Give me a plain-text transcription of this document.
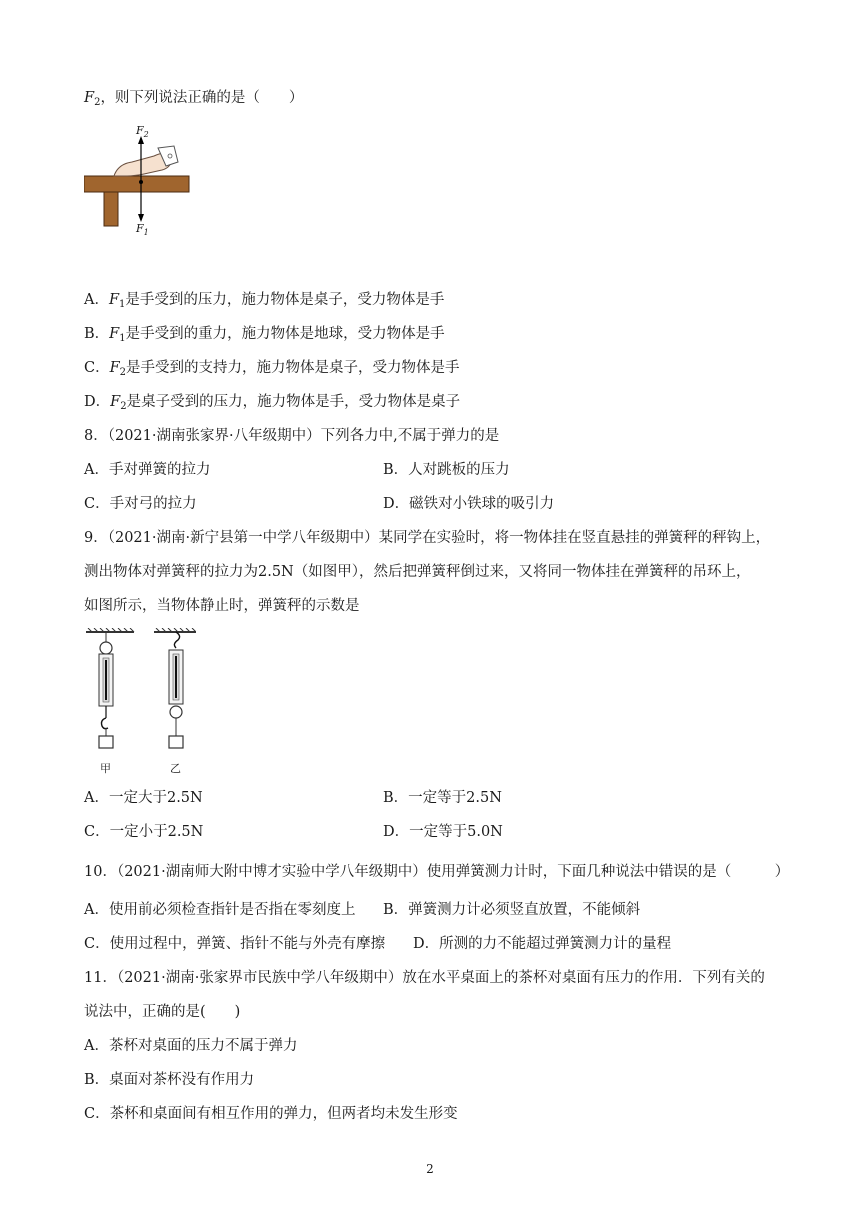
$F_2$，则下列说法正确的是（　　）
$F_2$
$F_1$
A．$F_1$是手受到的压力，施力物体是桌子，受力物体是手
B．$F_1$是手受到的重力，施力物体是地球，受力物体是手
C．$F_2$是手受到的支持力，施力物体是桌子，受力物体是手
D．$F_2$是桌子受到的压力，施力物体是手，受力物体是桌子
8．（2021·湖南张家界·八年级期中）下列各力中,不属于弹力的是
A．手对弹簧的拉力	B．人对跳板的压力
C．手对弓的拉力	D．磁铁对小铁球的吸引力
9．（2021·湖南·新宁县第一中学八年级期中）某同学在实验时，将一物体挂在竖直悬挂的弹簧秤的秤钩上，
测出物体对弹簧秤的拉力为2.5N（如图甲），然后把弹簧秤倒过来，又将同一物体挂在弹簧秤的吊环上，
如图所示，当物体静止时，弹簧秤的示数是
甲	乙
A．一定大于2.5N	B．一定等于2.5N
C．一定小于2.5N	D．一定等于5.0N
10．（2021·湖南师大附中博才实验中学八年级期中）使用弹簧测力计时，下面几种说法中错误的是（　　　）
A．使用前必须检查指针是否指在零刻度上 B．弹簧测力计必须竖直放置，不能倾斜
C．使用过程中，弹簧、指针不能与外壳有摩擦 D．所测的力不能超过弹簧测力计的量程
11．（2021·湖南·张家界市民族中学八年级期中）放在水平桌面上的茶杯对桌面有压力的作用．下列有关的
说法中，正确的是(　　)
A．茶杯对桌面的压力不属于弹力
B．桌面对茶杯没有作用力
C．茶杯和桌面间有相互作用的弹力，但两者均未发生形变
2
